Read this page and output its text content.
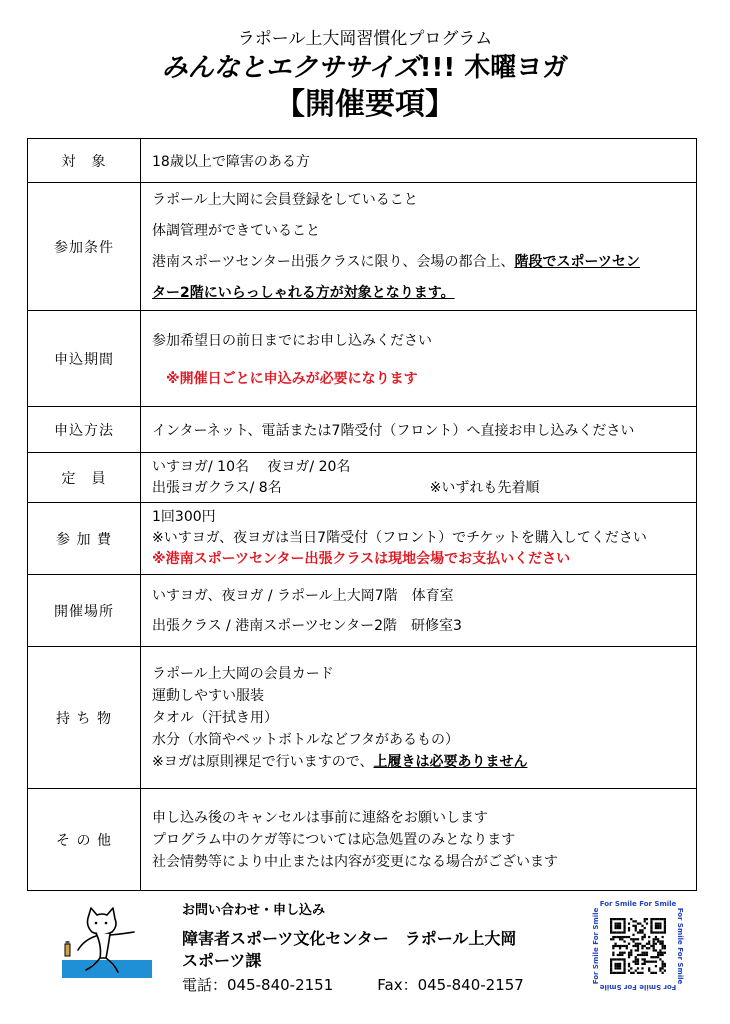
ラポール上大岡習慣化プログラム
みんなとエクササイズ!!! 木曜ヨガ
【開催要項】
対　象	18歳以上で障害のある方

参加条件	ラポール上大岡に会員登録をしていること
体調管理ができていること
港南スポーツセンター出張クラスに限り、会場の都合上、階段でスポーツセン
ター2階にいらっしゃれる方が対象となります。

申込期間	参加希望日の前日までにお申し込みください
※開催日ごとに申込みが必要になります

申込方法	インターネット、電話または7階受付（フロント）へ直接お申し込みください

定　員	いすヨガ/ 10名　 夜ヨガ/ 20名
出張ヨガクラス/ 8名 ※いずれも先着順

参 加 費	1回300円
※いすヨガ、夜ヨガは当日7階受付（フロント）でチケットを購入してください
※港南スポーツセンター出張クラスは現地会場でお支払いください

開催場所	いすヨガ、夜ヨガ / ラポール上大岡7階　体育室
出張クラス / 港南スポーツセンター2階　研修室3

持 ち 物	ラポール上大岡の会員カード
運動しやすい服装
タオル（汗拭き用）
水分（水筒やペットボトルなどフタがあるもの）
※ヨガは原則裸足で行いますので、上履きは必要ありません

そ の 他	申し込み後のキャンセルは事前に連絡をお願いします
プログラム中のケガ等については応急処置のみとなります
社会情勢等により中止または内容が変更になる場合がございます
お問い合わせ・申し込み
障害者スポーツ文化センター　ラポール上大岡
スポーツ課
電話：045-840-2151	Fax：045-840-2157
For Smile For Smile
For Smile For Smile
For Smile For Smile
For Smile For Smile
